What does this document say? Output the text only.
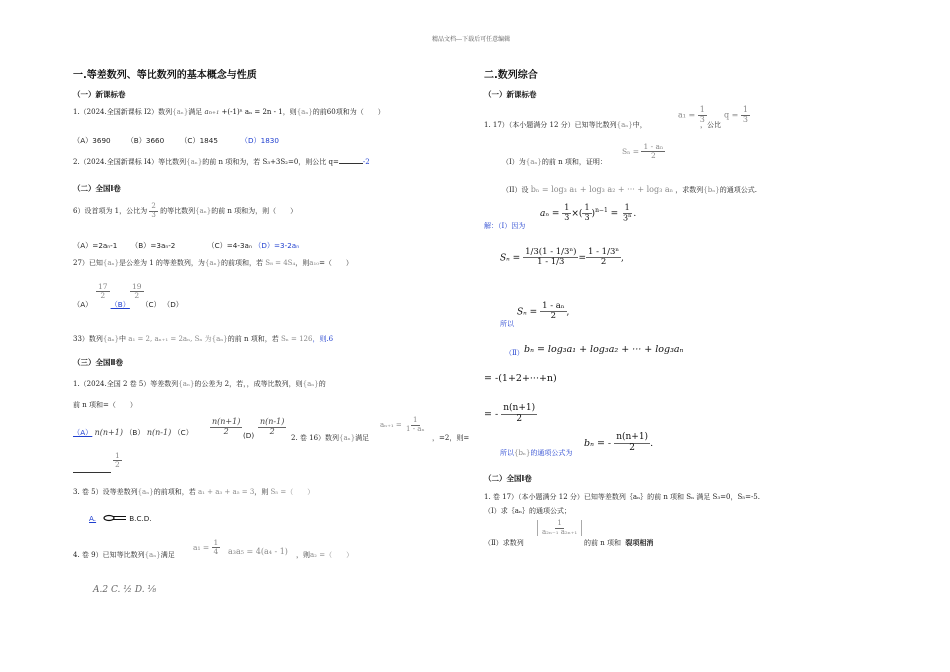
精品文档---下载后可任意编辑
一.等差数列、等比数列的基本概念与性质
（一）新课标卷
1.（2024.全国新课标 I2）数列{aₙ}满足 an+1 +(-1)ⁿ aₙ = 2n - 1，则{aₙ}的前60项和为（　　）
（A）3690 （B）3660 （C）1845	（D）1830
2.（2024.全国新课标 I4）等比数列{aₙ}的前 n 项和为，若 S₃+3S₂=0，则公比 q=	-2
（二）全国Ⅰ卷
6）设首项为 1，公比为 $\frac{2}{3}$ 的等比数列{aₙ}的前 n 项和为，则（　　）
（A）=2aₙ-1 （B）=3aₙ-2	（C）=4-3aₙ （D）=3-2aₙ
27）已知{aₙ}是公差为 1 的等差数列，为{aₙ}的前项和，若 S₈ = 4S₄，则a₁₀=（　　）
$\frac{17}{2}$	$\frac{19}{2}$
（A）	（B） （C） （D）
33）数列{aₙ}中 a₁ = 2, aₙ₊₁ = 2aₙ, Sₙ 为{aₙ}的前 n 项和，若 Sₙ = 126，则.6
（三）全国Ⅱ卷
1.（2024.全国 2 卷 5）等差数列{aₙ}的公差为 2，若，，成等比数列，则{aₙ}的
前 n 项和=（　　）
（A） n(n+1) （B） n(n-1) $(C) \frac{n(n+1)}{2} (D) \frac{n(n-1)}{2}$
2. 卷 16）数列{aₙ}满足
$a_{n+1} = \frac{1}{\text{1 - aₙ}}$
，=2，则=
$\frac{1}{2}$
3. 卷 5）设等差数列{aₙ}的前项和，若 a₁ + a₃ + a₅ = 3，则 S₅ =（　　）
A.	B.C.D.
4. 卷 9）已知等比数列{aₙ}满足
$a_1 = \frac{1}{4} a_3a_5 = 4(a_4 - 1)$ ，则a₂ =（　　）
A.2 C. ½ D. ⅛
二.数列综合
（一）新课标卷
1. 17）（本小题满分 12 分）已知等比数列{aₙ}中，
$a_1 = \frac{1}{3}$
，公比
$q = \frac{1}{3}$
（I）为{aₙ}的前 n 项和，证明：
$S_n = \frac{\text{1 - aₙ}}{2}$
（II）设 bₙ = log₃ a₁ + log₃ a₂ + ··· + log₃ aₙ ，求数列{bₙ}的通项公式.
$a_n = \frac{1}{3}$ ×( $\frac{1}{3} )^{n-1} = \frac{1}{3^n}$ .
解：（Ⅰ）因为
$S_n = \frac{\text{1/3(1 - 1/3ⁿ)}}{1 - 1/3} = \frac{\text{1 - 1/3ⁿ}}{2}$ ,
所以
$S_n = \frac{\text{1 - aₙ}}{2}$ ,
（Ⅱ） bₙ = log₃a₁ + log₃a₂ + ··· + log₃aₙ
= -(1+2+···+n)
= - $\frac{n(n+1)}{2}$
所以{bₙ}的通项公式为
bₙ = - $\frac{n(n+1)}{2}$ .
（二）全国Ⅰ卷
1. 卷 17）（本小题满分 12 分）已知等差数列｛aₙ｝的前 n 项和 Sₙ 满足 S₃=0，S₅=-5.
（Ⅰ）求｛aₙ｝的通项公式；
（Ⅱ）求数列
$\frac{1}{\text{a₂ₙ₋₁ a₂ₙ₊₁}}$
的前 n 项和 裂项相消
